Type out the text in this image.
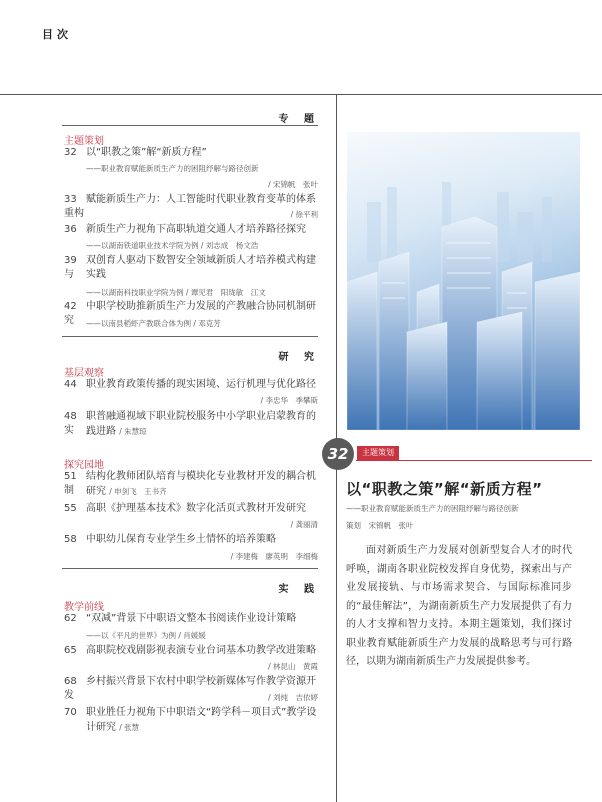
目次
专 题
主题策划
32 以“职教之策”解“新质方程”
——职业教育赋能新质生产力的困阻纾解与路径创新
/ 宋锦帆　张叶
33 赋能新质生产力：人工智能时代职业教育变革的体系重构	/ 徐平利
36 新质生产力视角下高职轨道交通人才培养路径探究
——以湖南铁道职业技术学院为例 / 刘志成　杨文浩
39 双创育人驱动下数智安全领域新质人才培养模式构建与	实践
——以湖南科技职业学院为例 / 谭见君　阳珑敏　江文
42 中职学校助推新质生产力发展的产教融合协同机制研究	——以南县稻虾产教联合体为例 / 邓克芳
研 究
基层观察
44 职业教育政策传播的现实困境、运行机理与优化路径
/ 李忠华　季攀斯
48 职普融通视域下职业院校服务中小学职业启蒙教育的实	践进路 / 朱慧琼
探究园地
51 结构化教师团队培育与模块化专业教材开发的耦合机制	研究 / 申剑飞　王书齐
55 高职《护理基本技术》数字化活页式教材开发研究
/ 龚丽清
58 中职幼儿保育专业学生乡土情怀的培养策略
/ 李建梅　廖英明　李细梅
实 践
教学前线
62 “双减”背景下中职语文整本书阅读作业设计策略
——以《平凡的世界》为例 / 肖媛媛
65 高职院校戏剧影视表演专业台词基本功教学改进策略
/ 林昆山　黄霞
68 乡村振兴背景下农村中职学校新媒体写作教学资源开发	/ 刘纯　吉依婷
70 职业胜任力视角下中职语文“跨学科－项目式”教学设
计研究 / 张慧
32	主题策划
以“职教之策”解“新质方程”
——职业教育赋能新质生产力的困阻纾解与路径创新
策划　宋锦帆　张叶
面对新质生产力发展对创新型复合人才的时代呼唤，湖南各职业院校发挥自身优势，探索出与产业发展接轨、与市场需求契合、与国际标准同步的“最佳解法”，为湖南新质生产力发展提供了有力的人才支撑和智力支持。本期主题策划，我们探讨职业教育赋能新质生产力发展的战略思考与可行路径，以期为湖南新质生产力发展提供参考。
